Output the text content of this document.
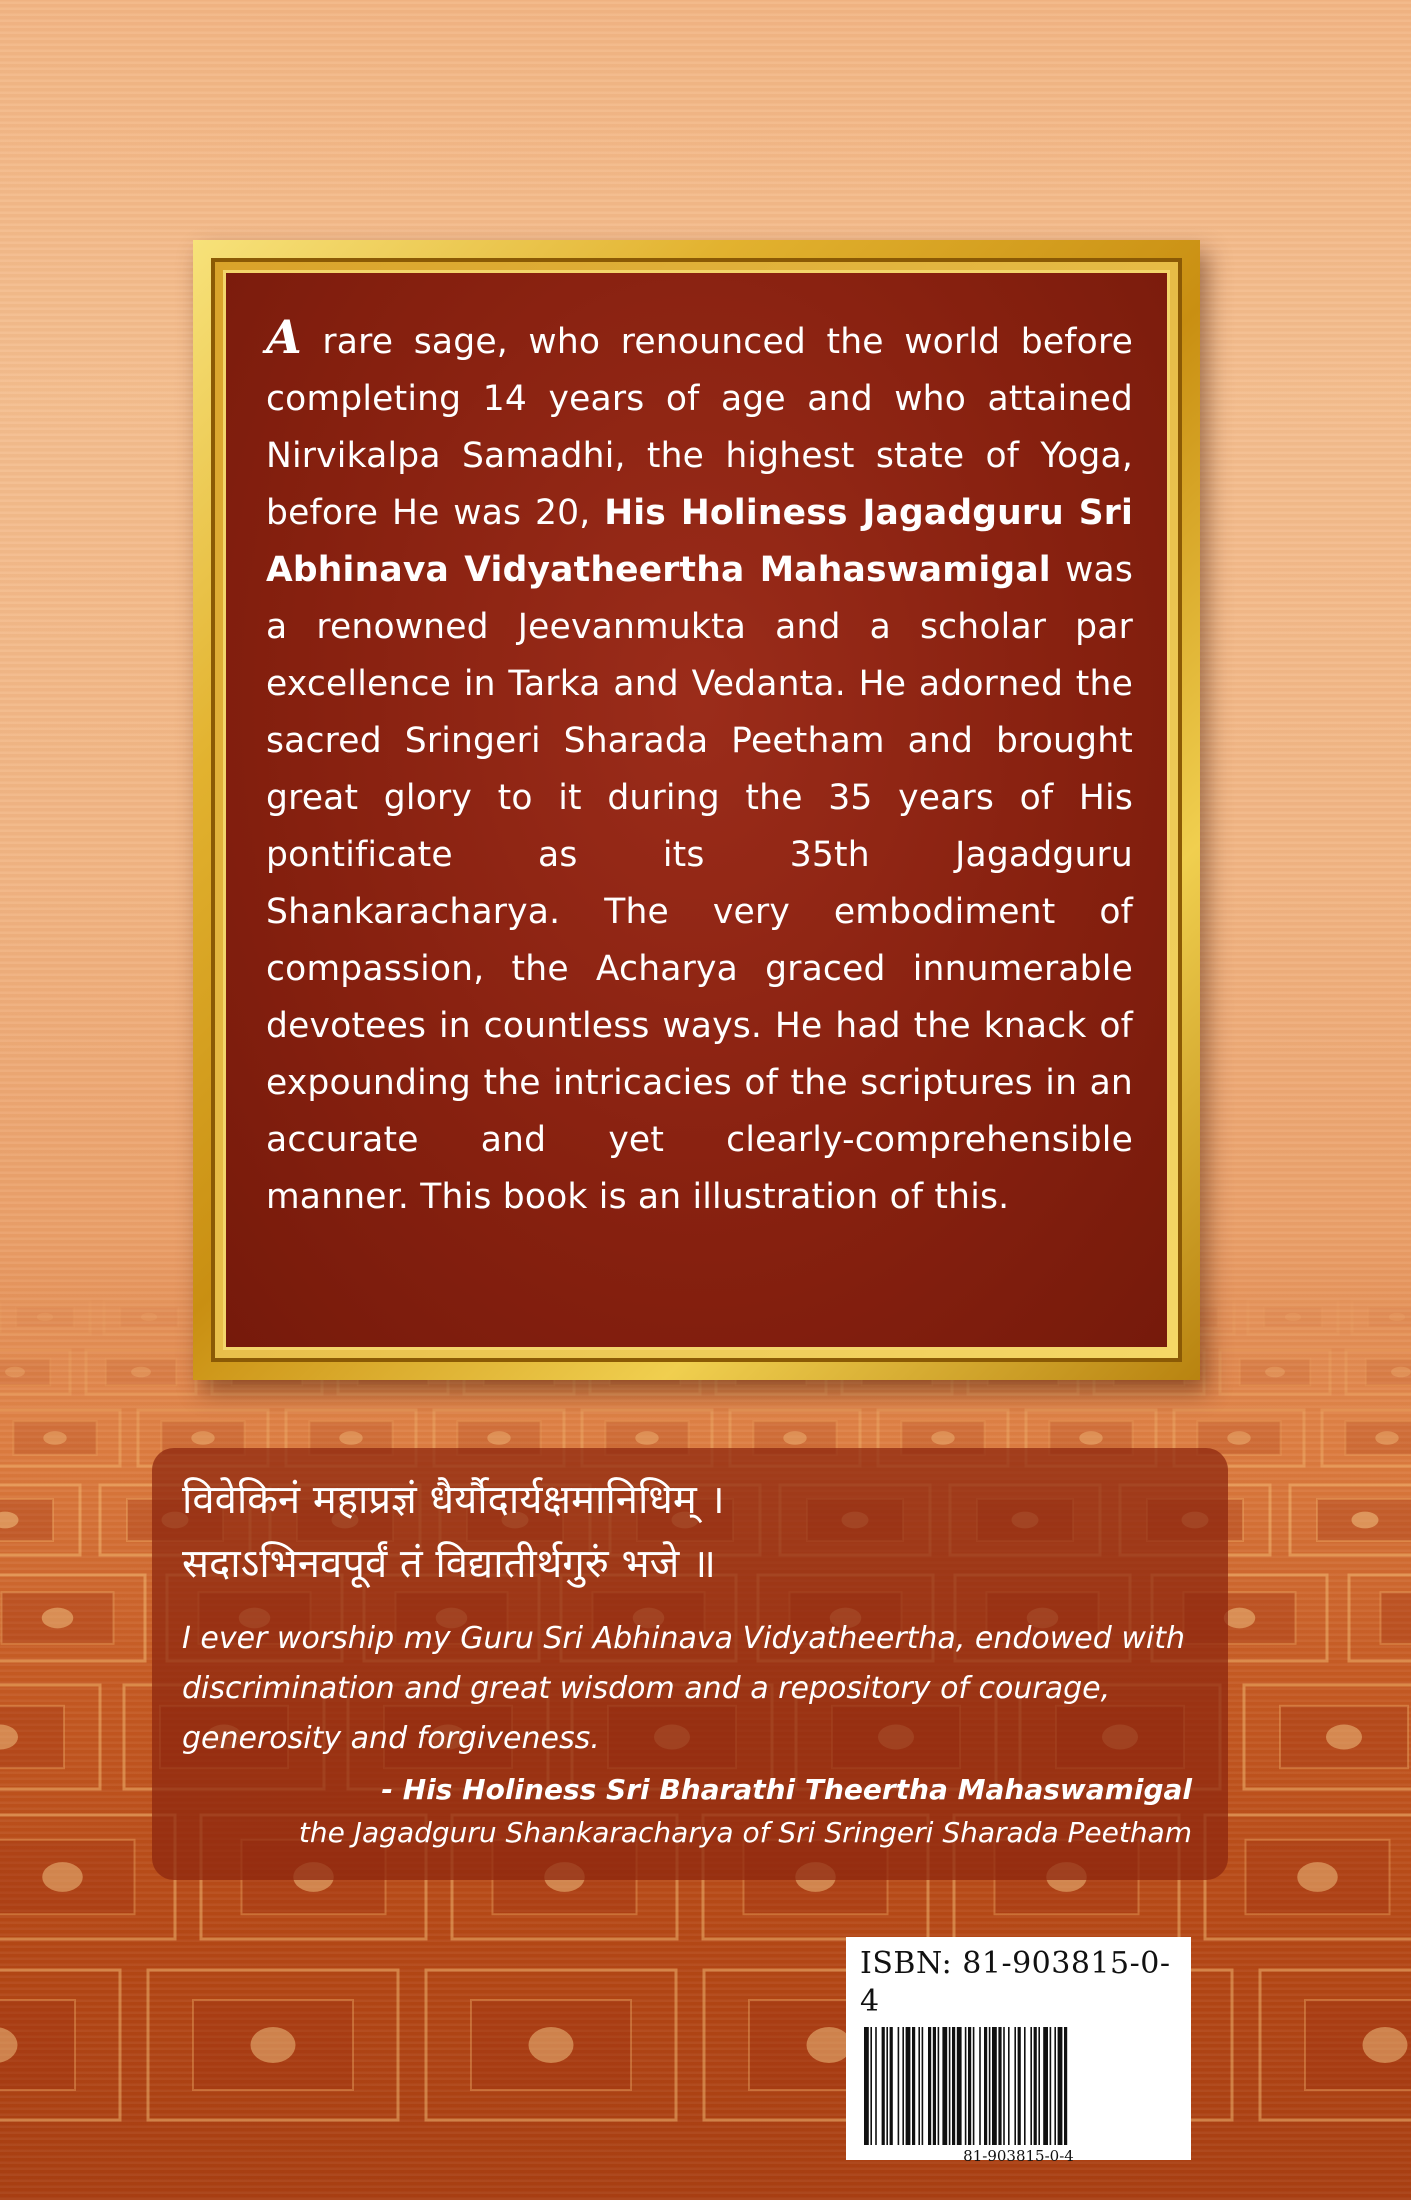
A rare sage, who renounced the world before completing 14 years of age and who attained Nirvikalpa Samadhi, the highest state of Yoga, before He was 20, His Holiness Jagadguru Sri Abhinava Vidyatheertha Mahaswamigal was a renowned Jeevanmukta and a scholar par excellence in Tarka and Vedanta. He adorned the sacred Sringeri Sharada Peetham and brought great glory to it during the 35 years of His pontificate as its 35th Jagadguru Shankaracharya. The very embodiment of compassion, the Acharya graced innumerable devotees in countless ways. He had the knack of expounding the intricacies of the scriptures in an accurate and yet clearly-comprehensible manner. This book is an illustration of this.

विवेकिनं महाप्रज्ञं धैर्यौदार्यक्षमानिधिम् ।

सदाऽभिनवपूर्वं तं विद्यातीर्थगुरुं भजे ॥

I ever worship my Guru Sri Abhinava Vidyatheertha, endowed with discrimination and great wisdom and a repository of courage, generosity and forgiveness.

- His Holiness Sri Bharathi Theertha Mahaswamigal
the Jagadguru Shankaracharya of Sri Sringeri Sharada Peetham

ISBN: 81-903815-0-4
81-903815-0-4
